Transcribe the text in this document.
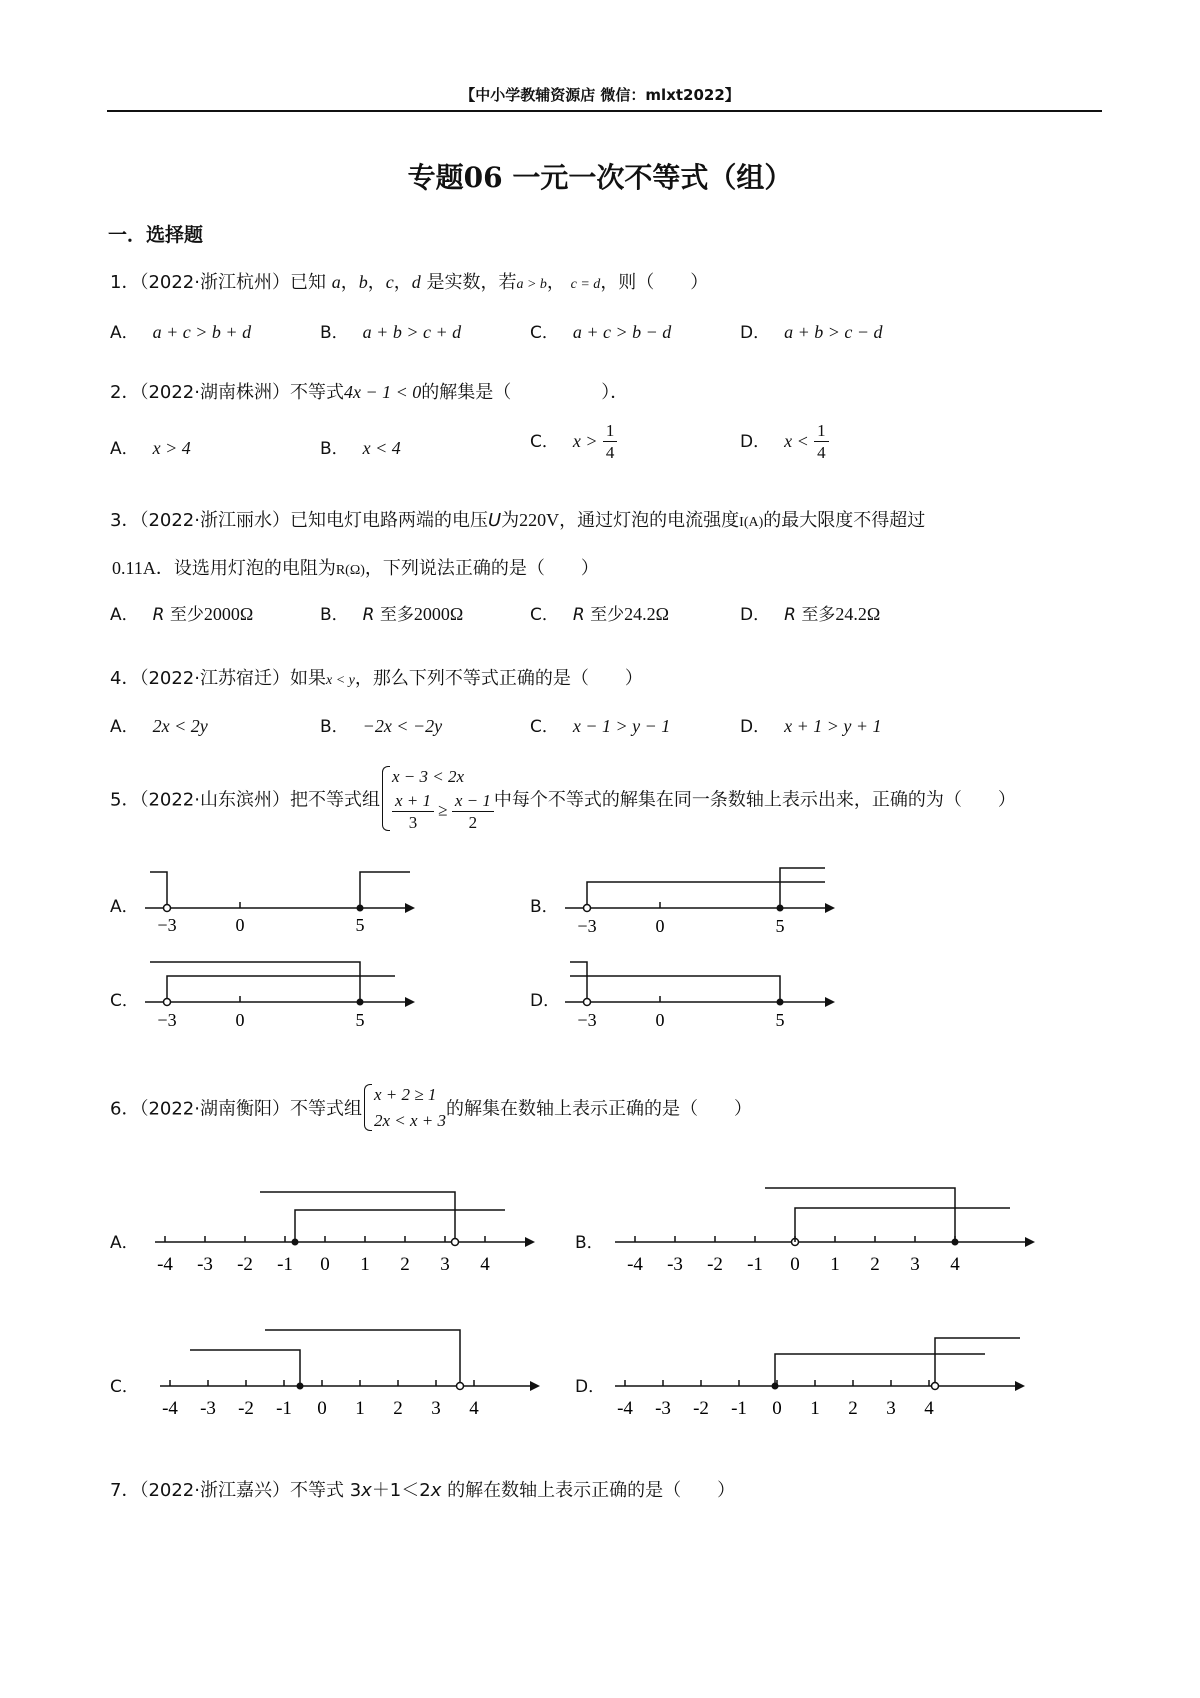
【中小学教辅资源店 微信：mlxt2022】
专题06 一元一次不等式（组）
一．选择题
1．（2022·浙江杭州）已知 a，b，c，d 是实数，若a > b， c = d，则（　　）
A． a + c > b + d	B． a + b > c + d	C． a + c > b − d	D． a + b > c − d
2．（2022·湖南株洲）不等式4x − 1 < 0的解集是（　　　　　）．
A． x > 4	B． x < 4	C． $x > \frac{1}{4}$	D． $x < \frac{1}{4}$
3．（2022·浙江丽水）已知电灯电路两端的电压U为220V，通过灯泡的电流强度I(A)的最大限度不得超过
0.11A．设选用灯泡的电阻为R(Ω)，下列说法正确的是（　　）
A． R 至少2000Ω	B． R 至多2000Ω	C． R 至少24.2Ω	D． R 至多24.2Ω
4．（2022·江苏宿迁）如果x < y，那么下列不等式正确的是（　　）
A． 2x < 2y	B． −2x < −2y	C． x − 1 > y − 1	D． x + 1 > y + 1
5．（2022·山东滨州）把不等式组
x − 3 < 2x
$\frac{x + 1}{3} \ge \frac{x - 1}{2}$ 中每个不等式的解集在同一条数轴上表示出来，正确的为（　　）
A．
−3	0	5
B．
−3	0	5
C．
−3	0	5
D．
−3	0	5
6．（2022·湖南衡阳）不等式组
x + 2 ≥ 1
2x < x + 3
的解集在数轴上表示正确的是（　　）
A．
-4 -3 -2 -1 0 1 2 3 4
B．
-4 -3 -2 -1 0 1 2 3 4
C．
-4 -3 -2 -1 0 1 2 3 4
D．
-4 -3 -2 -1 0 1 2 3 4
7．（2022·浙江嘉兴）不等式 3x＋1＜2x 的解在数轴上表示正确的是（　　）
